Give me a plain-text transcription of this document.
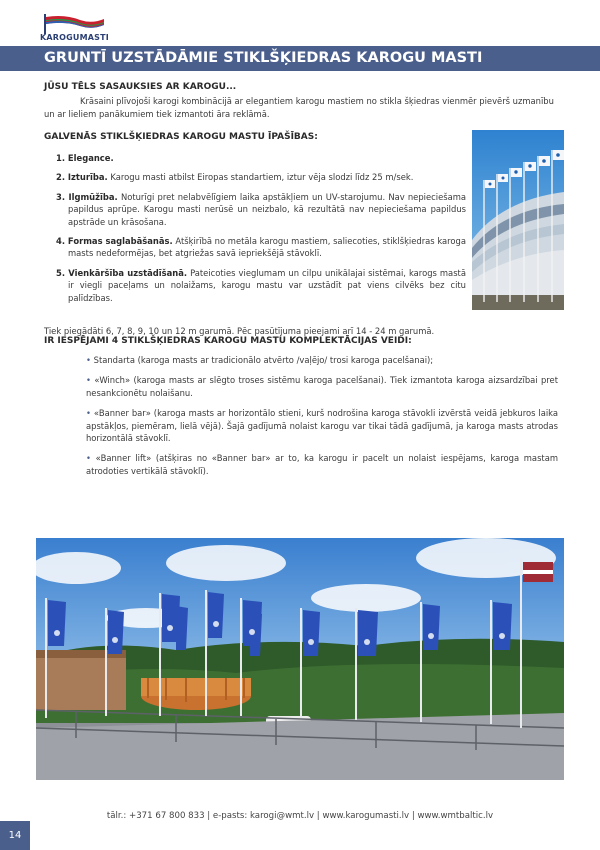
KAROGUMASTI
GRUNTĪ UZSTĀDĀMIE STIKLŠĶIEDRAS KAROGU MASTI
JŪSU TĒLS SASAUKSIES AR KAROGU...
Krāsaini plīvojoši karogi kombinācijā ar elegantiem karogu mastiem no stikla šķiedras vienmēr pievērš uzmanību un ar lieliem panākumiem tiek izmantoti āra reklāmā.
GALVENĀS STIKLŠĶIEDRAS KAROGU MASTU ĪPAŠĪBAS:
1. Elegance.
2. Izturība. Karogu masti atbilst Eiropas standartiem, iztur vēja slodzi līdz 25 m/sek.
3. Ilgmūžība. Noturīgi pret nelabvēlīgiem laika apstākļiem un UV-starojumu. Nav nepieciešama papildus aprūpe. Karogu masti nerūsē un neizbalo, kā rezultātā nav nepieciešama papildus apstrāde un krāsošana.
4. Formas saglabāšanās. Atšķirībā no metāla karogu mastiem, saliecoties, stiklšķiedras karoga masts nedeformējas, bet atgriežas savā iepriekšējā stāvoklī.
5. Vienkāršība uzstādīšanā. Pateicoties vieglumam un cilpu unikālajai sistēmai, karogs mastā ir viegli paceļams un nolaižams, karogu mastu var uzstādīt pat viens cilvēks bez citu palīdzības.
Tiek piegādāti 6, 7, 8, 9, 10 un 12 m garumā. Pēc pasūtījuma pieejami arī 14 - 24 m garumā.
IR IESPĒJAMI 4 STIKLŠĶIEDRAS KAROGU MASTU KOMPLEKTĀCIJAS VEIDI:
• Standarta (karoga masts ar tradicionālo atvērto /vaļējo/ trosi karoga pacelšanai);
• «Winch» (karoga masts ar slēgto troses sistēmu karoga pacelšanai). Tiek izmantota karoga aizsardzībai pret nesankcionētu nolaišanu.
• «Banner bar» (karoga masts ar horizontālo stieni, kurš nodrošina karoga stāvokli izvērstā veidā jebkuros laika apstākļos, piemēram, lielā vējā). Šajā gadījumā nolaist karogu var tikai tādā gadījumā, ja karoga masts atrodas horizontālā stāvoklī.
• «Banner lift» (atšķiras no «Banner bar» ar to, ka karogu ir pacelt un nolaist iespējams, karoga mastam atrodoties vertikālā stāvoklī).
tālr.: +371 67 800 833 | e-pasts: karogi@wmt.lv | www.karogumasti.lv | www.wmtbaltic.lv
14
